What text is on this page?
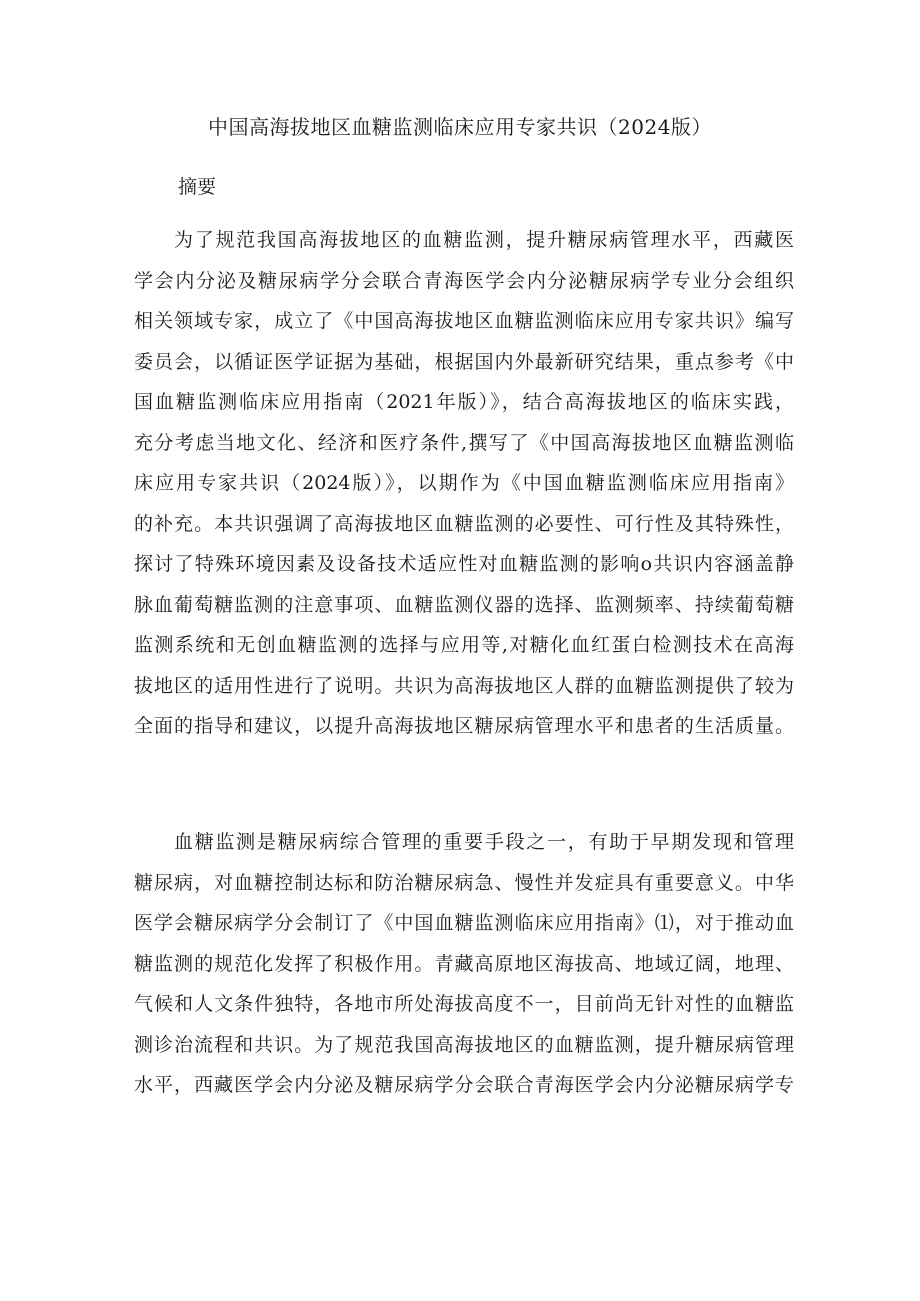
中国高海拔地区血糖监测临床应用专家共识（2024版）
摘要
为了规范我国高海拔地区的血糖监测，提升糖尿病管理水平，西藏医
学会内分泌及糖尿病学分会联合青海医学会内分泌糖尿病学专业分会组织
相关领域专家，成立了《中国高海拔地区血糖监测临床应用专家共识》编写
委员会，以循证医学证据为基础，根据国内外最新研究结果，重点参考《中
国血糖监测临床应用指南（2021年版）》，结合高海拔地区的临床实践，
充分考虑当地文化、经济和医疗条件,撰写了《中国高海拔地区血糖监测临
床应用专家共识（2024版）》，以期作为《中国血糖监测临床应用指南》
的补充。本共识强调了高海拔地区血糖监测的必要性、可行性及其特殊性，
探讨了特殊环境因素及设备技术适应性对血糖监测的影响o共识内容涵盖静
脉血葡萄糖监测的注意事项、血糖监测仪器的选择、监测频率、持续葡萄糖
监测系统和无创血糖监测的选择与应用等,对糖化血红蛋白检测技术在高海
拔地区的适用性进行了说明。共识为高海拔地区人群的血糖监测提供了较为
全面的指导和建议，以提升高海拔地区糖尿病管理水平和患者的生活质量。
血糖监测是糖尿病综合管理的重要手段之一，有助于早期发现和管理
糖尿病，对血糖控制达标和防治糖尿病急、慢性并发症具有重要意义。中华
医学会糖尿病学分会制订了《中国血糖监测临床应用指南》⑴，对于推动血
糖监测的规范化发挥了积极作用。青藏高原地区海拔高、地域辽阔，地理、
气候和人文条件独特，各地市所处海拔高度不一，目前尚无针对性的血糖监
测诊治流程和共识。为了规范我国高海拔地区的血糖监测，提升糖尿病管理
水平，西藏医学会内分泌及糖尿病学分会联合青海医学会内分泌糖尿病学专
